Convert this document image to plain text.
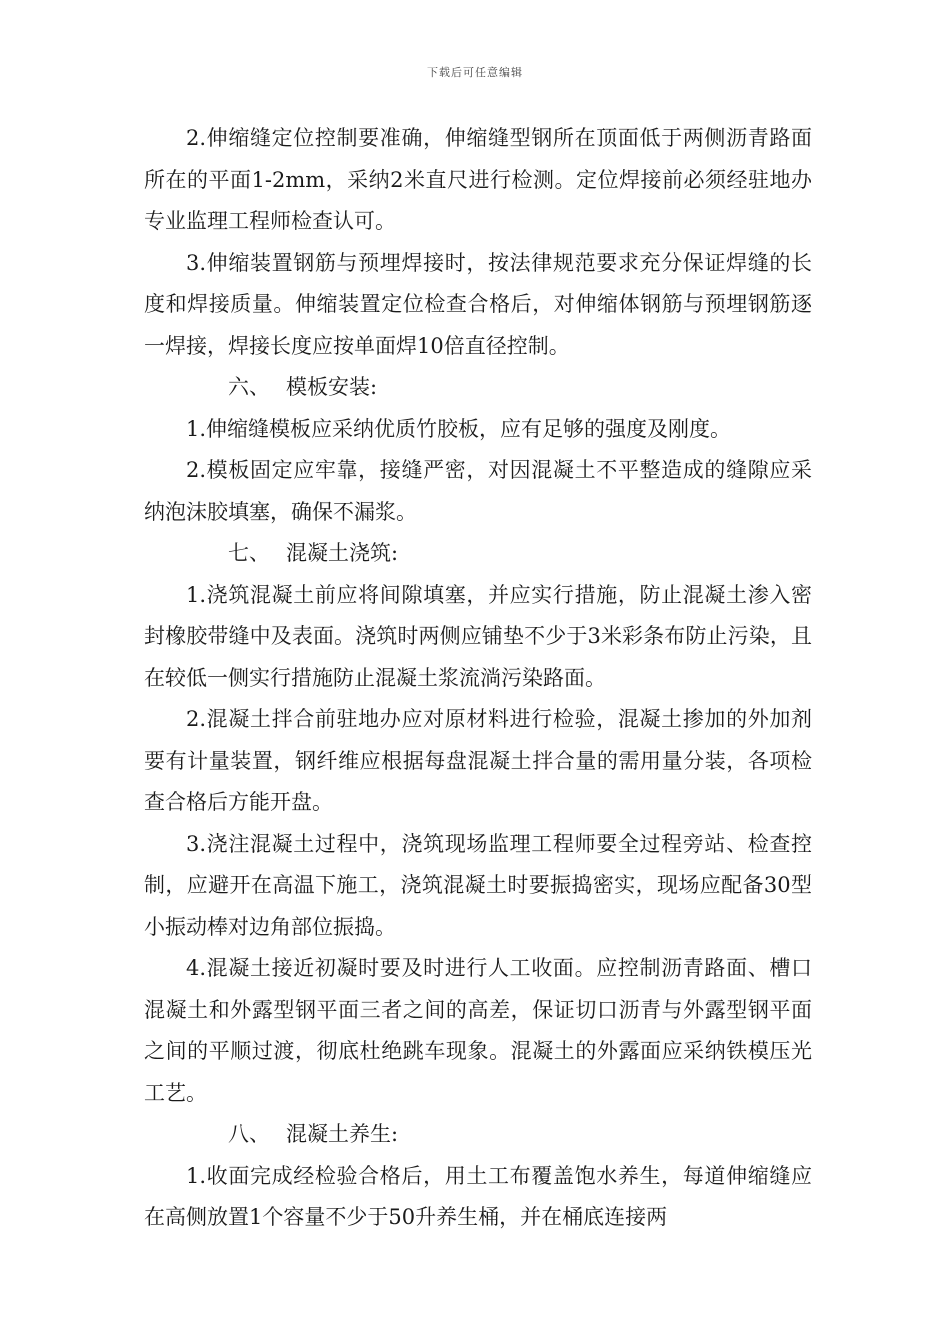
下载后可任意编辑

2.伸缩缝定位控制要准确，伸缩缝型钢所在顶面低于两侧沥青路面所在的平面1-2mm，采纳2米直尺进行检测。定位焊接前必须经驻地办专业监理工程师检查认可。

3.伸缩装置钢筋与预埋焊接时，按法律规范要求充分保证焊缝的长度和焊接质量。伸缩装置定位检查合格后，对伸缩体钢筋与预埋钢筋逐一焊接，焊接长度应按单面焊10倍直径控制。

六、 模板安装:

1.伸缩缝模板应采纳优质竹胶板，应有足够的强度及刚度。

2.模板固定应牢靠，接缝严密，对因混凝土不平整造成的缝隙应采纳泡沫胶填塞，确保不漏浆。

七、 混凝土浇筑:

1.浇筑混凝土前应将间隙填塞，并应实行措施，防止混凝土渗入密封橡胶带缝中及表面。浇筑时两侧应铺垫不少于3米彩条布防止污染，且在较低一侧实行措施防止混凝土浆流淌污染路面。

2.混凝土拌合前驻地办应对原材料进行检验，混凝土掺加的外加剂要有计量装置，钢纤维应根据每盘混凝土拌合量的需用量分装，各项检查合格后方能开盘。

3.浇注混凝土过程中，浇筑现场监理工程师要全过程旁站、检查控制，应避开在高温下施工，浇筑混凝土时要振捣密实，现场应配备30型小振动棒对边角部位振捣。

4.混凝土接近初凝时要及时进行人工收面。应控制沥青路面、槽口混凝土和外露型钢平面三者之间的高差，保证切口沥青与外露型钢平面之间的平顺过渡，彻底杜绝跳车现象。混凝土的外露面应采纳铁模压光工艺。

八、 混凝土养生:

1.收面完成经检验合格后，用土工布覆盖饱水养生，每道伸缩缝应在高侧放置1个容量不少于50升养生桶，并在桶底连接两
